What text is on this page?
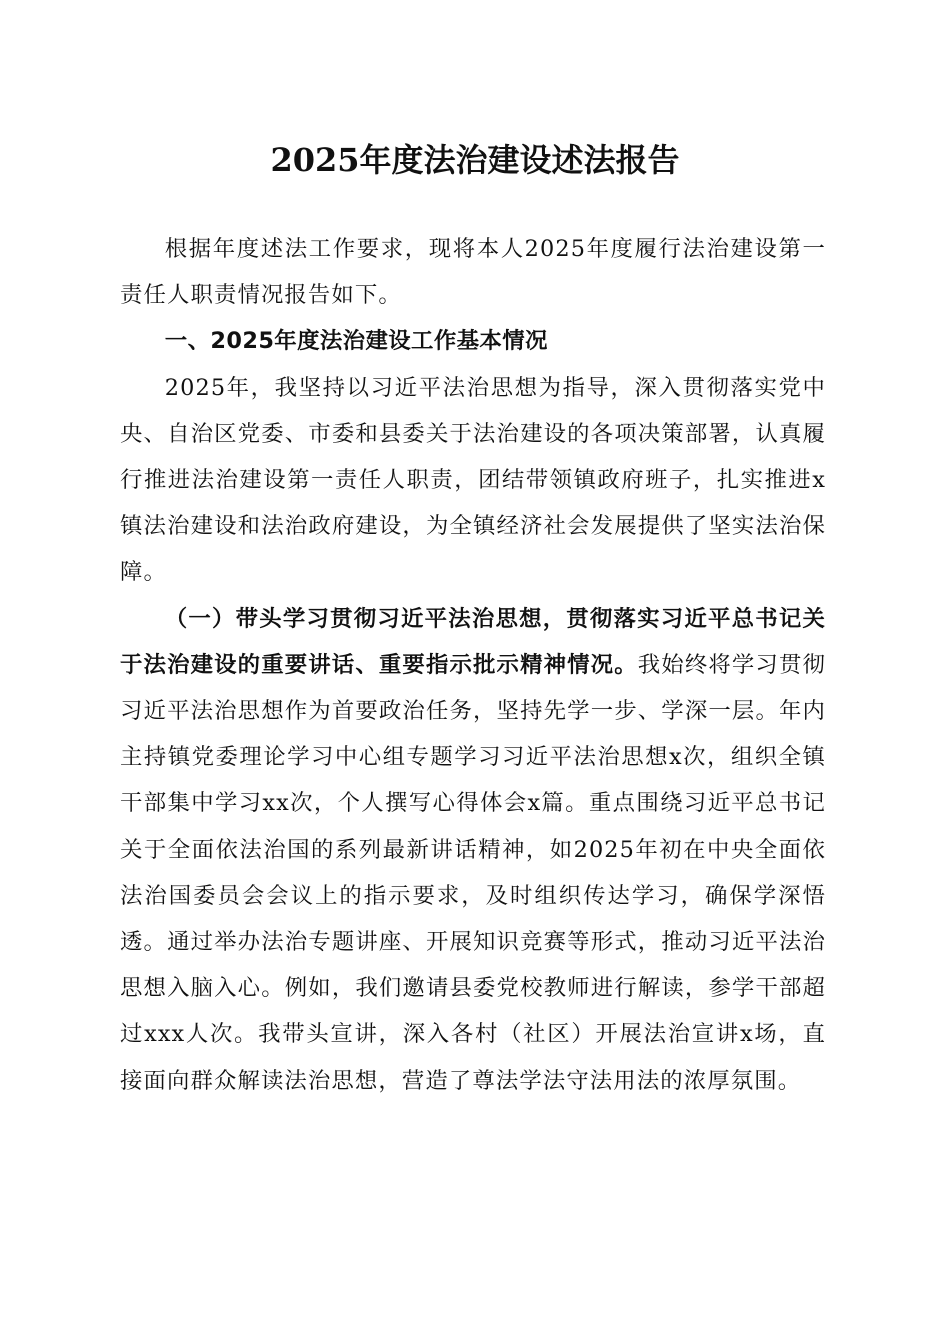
2025年度法治建设述法报告

根据年度述法工作要求，现将本人2025年度履行法治建设第一责任人职责情况报告如下。

一、2025年度法治建设工作基本情况

2025年，我坚持以习近平法治思想为指导，深入贯彻落实党中央、自治区党委、市委和县委关于法治建设的各项决策部署，认真履行推进法治建设第一责任人职责，团结带领镇政府班子，扎实推进x镇法治建设和法治政府建设，为全镇经济社会发展提供了坚实法治保障。

（一）带头学习贯彻习近平法治思想，贯彻落实习近平总书记关于法治建设的重要讲话、重要指示批示精神情况。我始终将学习贯彻习近平法治思想作为首要政治任务，坚持先学一步、学深一层。年内主持镇党委理论学习中心组专题学习习近平法治思想x次，组织全镇干部集中学习xx次，个人撰写心得体会x篇。重点围绕习近平总书记关于全面依法治国的系列最新讲话精神，如2025年初在中央全面依法治国委员会会议上的指示要求，及时组织传达学习，确保学深悟透。通过举办法治专题讲座、开展知识竞赛等形式，推动习近平法治思想入脑入心。例如，我们邀请县委党校教师进行解读，参学干部超过xxx人次。我带头宣讲，深入各村（社区）开展法治宣讲x场，直接面向群众解读法治思想，营造了尊法学法守法用法的浓厚氛围。
